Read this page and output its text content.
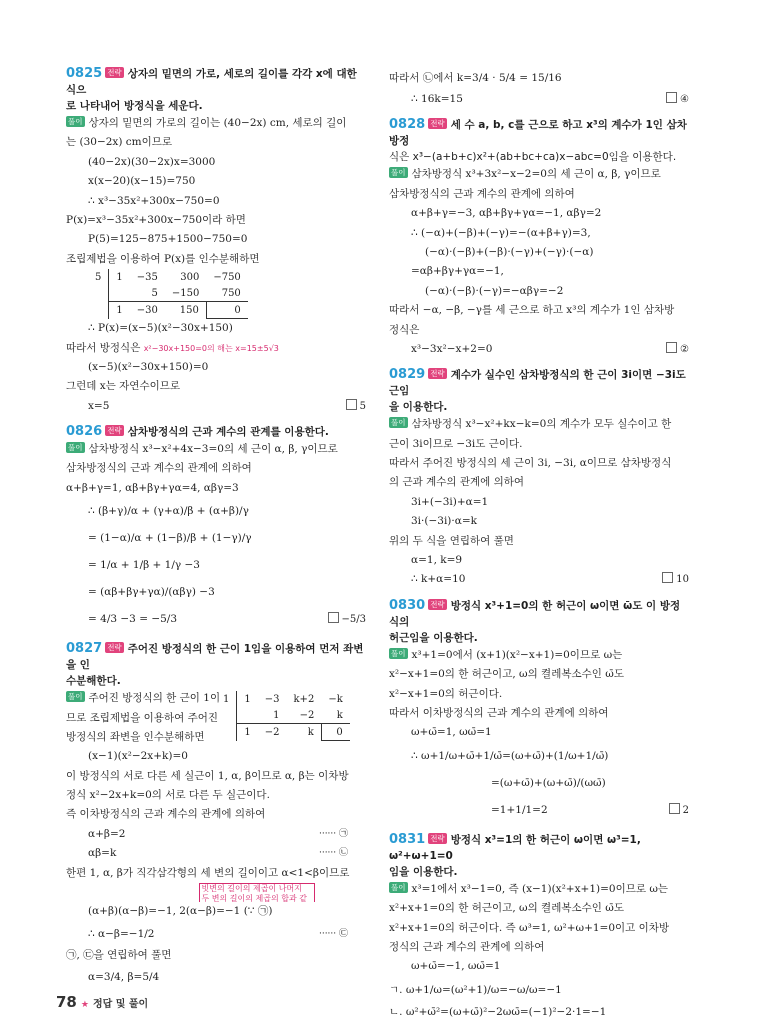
0825 전략 상자의 밑면의 가로, 세로의 길이를 각각 x에 대한 식으
로 나타내어 방정식을 세운다.
풀이 상자의 밑면의 가로의 길이는 (40−2x) cm, 세로의 길이
는 (30−2x) cm이므로
(40−2x)(30−2x)x=3000
x(x−20)(x−15)=750
∴ x³−35x²+300x−750=0
P(x)=x³−35x²+300x−750이라 하면
P(5)=125−875+1500−750=0
조립제법을 이용하여 P(x)를 인수분해하면
5	1	−35	300	−750
		5	−150	750
	1	−30	150	0
∴ P(x)=(x−5)(x²−30x+150)
따라서 방정식은 x²−30x+150=0의 해는 x=15±5√3
(x−5)(x²−30x+150)=0
그런데 x는 자연수이므로
x=5	5
0826 전략 삼차방정식의 근과 계수의 관계를 이용한다.
풀이 삼차방정식 x³−x²+4x−3=0의 세 근이 α, β, γ이므로
삼차방정식의 근과 계수의 관계에 의하여
α+β+γ=1, αβ+βγ+γα=4, αβγ=3
∴ (β+γ)/α + (γ+α)/β + (α+β)/γ
= (1−α)/α + (1−β)/β + (1−γ)/γ
= 1/α + 1/β + 1/γ −3
= (αβ+βγ+γα)/(αβγ) −3
= 4/3 −3 = −5/3	−5/3
0827 전략 주어진 방정식의 한 근이 1임을 이용하여 먼저 좌변을 인
수분해한다.
풀이 주어진 방정식의 한 근이 1이
므로 조립제법을 이용하여 주어진
방정식의 좌변을 인수분해하면
1	1	−3	k+2	−k
		1	−2	k
	1	−2	k	0
(x−1)(x²−2x+k)=0
이 방정식의 서로 다른 세 실근이 1, α, β이므로 α, β는 이차방
정식 x²−2x+k=0의 서로 다른 두 실근이다.
즉 이차방정식의 근과 계수의 관계에 의하여
α+β=2	······ ㉠
αβ=k	······ ㉡
한편 1, α, β가 직각삼각형의 세 변의 길이이고 α<1<β이므로
빗변의 길이의 제곱이 나머지 두 변의 길이의 제곱의 합과 같
(α+β)(α−β)=−1, 2(α−β)=−1 (∵ ㉠)
∴ α−β=−1/2	······ ㉢
㉠, ㉢을 연립하여 풀면
α=3/4, β=5/4
따라서 ㉡에서 k=3/4 · 5/4 = 15/16
∴ 16k=15	④
0828 전략 세 수 a, b, c를 근으로 하고 x³의 계수가 1인 삼차방정
식은 x³−(a+b+c)x²+(ab+bc+ca)x−abc=0임을 이용한다.
풀이 삼차방정식 x³+3x²−x−2=0의 세 근이 α, β, γ이므로
삼차방정식의 근과 계수의 관계에 의하여
α+β+γ=−3, αβ+βγ+γα=−1, αβγ=2
∴ (−α)+(−β)+(−γ)=−(α+β+γ)=3,
(−α)·(−β)+(−β)·(−γ)+(−γ)·(−α)
=αβ+βγ+γα=−1,
(−α)·(−β)·(−γ)=−αβγ=−2
따라서 −α, −β, −γ를 세 근으로 하고 x³의 계수가 1인 삼차방
정식은
x³−3x²−x+2=0	②
0829 전략 계수가 실수인 삼차방정식의 한 근이 3i이면 −3i도 근임
을 이용한다.
풀이 삼차방정식 x³−x²+kx−k=0의 계수가 모두 실수이고 한
근이 3i이므로 −3i도 근이다.
따라서 주어진 방정식의 세 근이 3i, −3i, α이므로 삼차방정식
의 근과 계수의 관계에 의하여
3i+(−3i)+α=1
3i·(−3i)·α=k
위의 두 식을 연립하여 풀면
α=1, k=9
∴ k+α=10	10
0830 전략 방정식 x³+1=0의 한 허근이 ω이면 ω̄도 이 방정식의
허근임을 이용한다.
풀이 x³+1=0에서 (x+1)(x²−x+1)=0이므로 ω는
x²−x+1=0의 한 허근이고, ω의 켤레복소수인 ω̄도
x²−x+1=0의 허근이다.
따라서 이차방정식의 근과 계수의 관계에 의하여
ω+ω̄=1, ωω̄=1
∴ ω+1/ω+ω̄+1/ω̄=(ω+ω̄)+(1/ω+1/ω̄)
=(ω+ω̄)+(ω+ω̄)/(ωω̄)
=1+1/1=2	2
0831 전략 방정식 x³=1의 한 허근이 ω이면 ω³=1, ω²+ω+1=0
임을 이용한다.
풀이 x³=1에서 x³−1=0, 즉 (x−1)(x²+x+1)=0이므로 ω는
x²+x+1=0의 한 허근이고, ω의 켤레복소수인 ω̄도
x²+x+1=0의 허근이다. 즉 ω³=1, ω²+ω+1=0이고 이차방
정식의 근과 계수의 관계에 의하여
ω+ω̄=−1, ωω̄=1
ㄱ. ω+1/ω=(ω²+1)/ω=−ω/ω=−1
ㄴ. ω²+ω̄²=(ω+ω̄)²−2ωω̄=(−1)²−2·1=−1
78 ★ 정답 및 풀이
